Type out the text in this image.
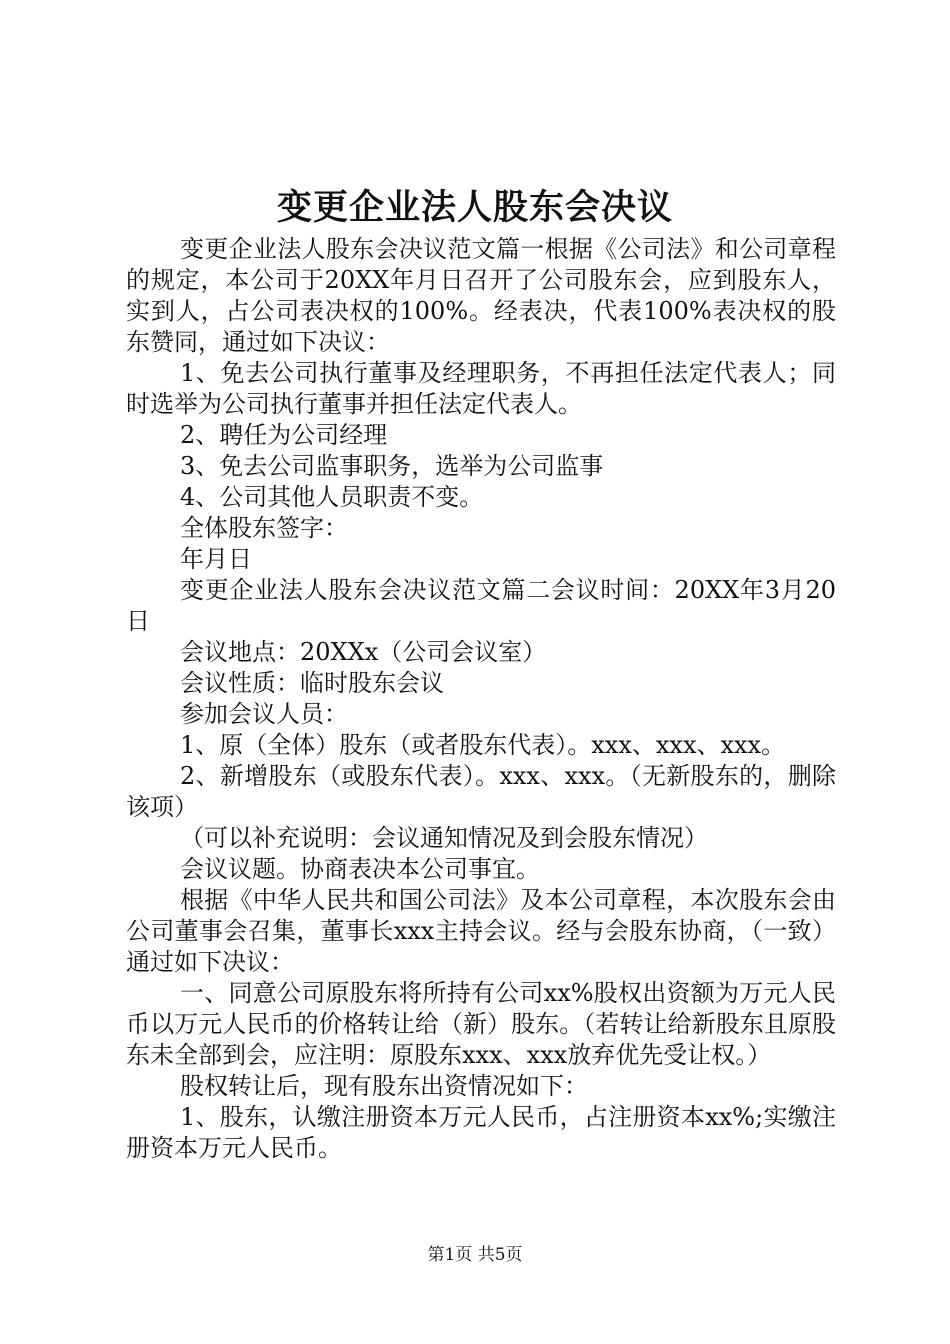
变更企业法人股东会决议

变更企业法人股东会决议范文篇一根据《公司法》和公司章程的规定，本公司于20XX年月日召开了公司股东会，应到股东人，实到人，占公司表决权的100%。经表决，代表100%表决权的股东赞同，通过如下决议：

1、免去公司执行董事及经理职务，不再担任法定代表人；同时选举为公司执行董事并担任法定代表人。

2、聘任为公司经理

3、免去公司监事职务，选举为公司监事

4、公司其他人员职责不变。

全体股东签字：

年月日

变更企业法人股东会决议范文篇二会议时间：20XX年3月20日

会议地点：20XXx（公司会议室）

会议性质：临时股东会议

参加会议人员：

1、原（全体）股东（或者股东代表）。xxx、xxx、xxx。

2、新增股东（或股东代表）。xxx、xxx。（无新股东的，删除该项）

（可以补充说明：会议通知情况及到会股东情况）

会议议题。协商表决本公司事宜。

根据《中华人民共和国公司法》及本公司章程，本次股东会由公司董事会召集，董事长xxx主持会议。经与会股东协商，（一致）通过如下决议：

一、同意公司原股东将所持有公司xx%股权出资额为万元人民币以万元人民币的价格转让给（新）股东。（若转让给新股东且原股东未全部到会，应注明：原股东xxx、xxx放弃优先受让权。）

股权转让后，现有股东出资情况如下：

1、股东，认缴注册资本万元人民币，占注册资本xx%;实缴注册资本万元人民币。

第1页 共5页
